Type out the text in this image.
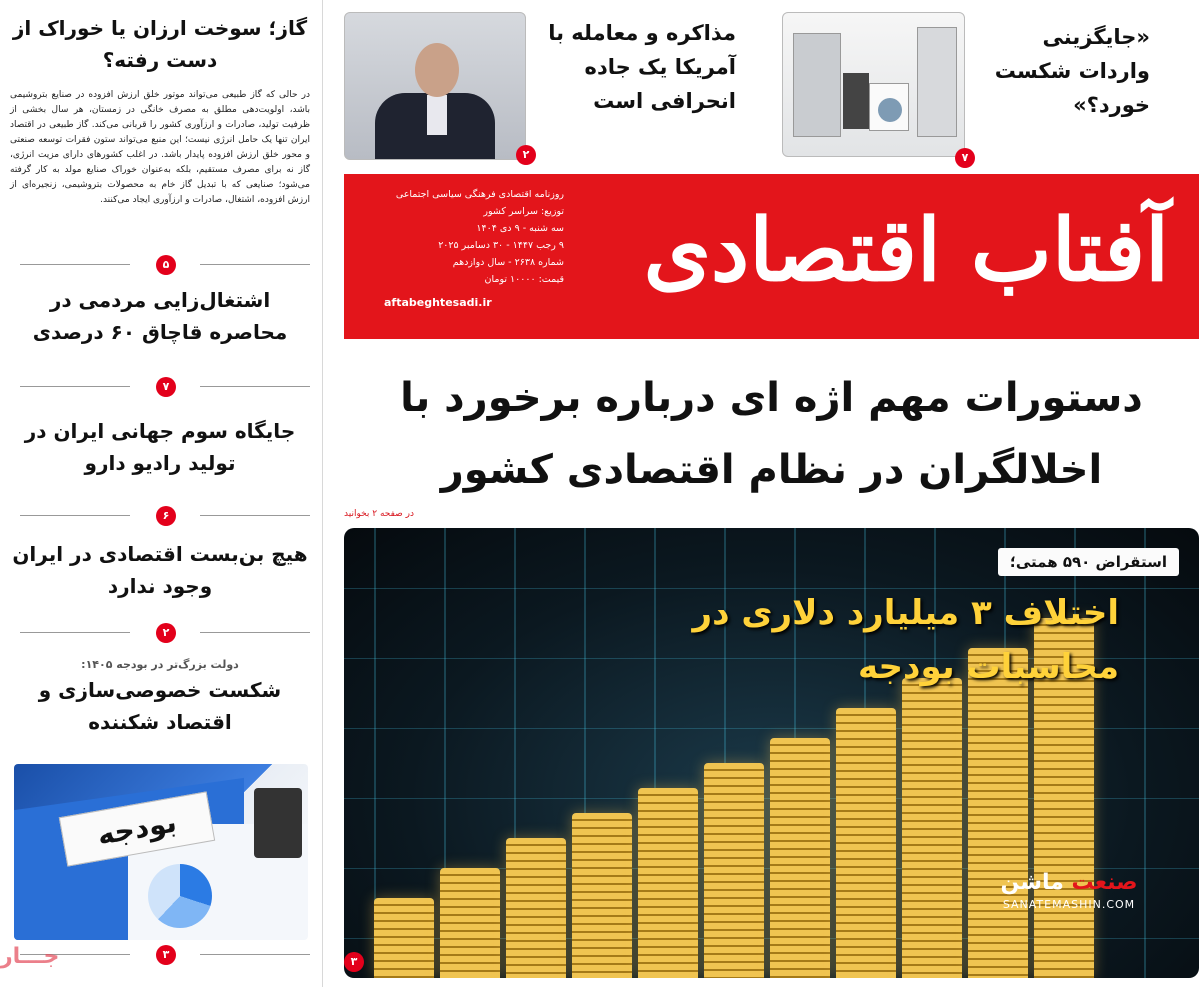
گاز؛ سوخت ارزان یا خوراک از دست رفته؟
در حالی که گاز طبیعی می‌تواند موتور خلق ارزش افزوده در صنایع بتروشیمی باشد، اولویت‌دهی مطلق به مصرف خانگی در زمستان، هر سال بخشی از ظرفیت تولید، صادرات و ارزآوری کشور را قربانی می‌کند. گاز طبیعی در اقتصاد ایران تنها یک حامل انرژی نیست؛ این منبع می‌تواند ستون فقرات توسعه صنعتی و محور خلق ارزش افزوده پایدار باشد. در اغلب کشورهای دارای مزیت انرژی، گاز نه برای مصرف مستقیم، بلکه به‌عنوان خوراک صنایع مولد به کار گرفته می‌شود؛ صنایعی که با تبدیل گاز خام به محصولات بتروشیمی، زنجیره‌ای از ارزش افزوده، اشتغال، صادرات و ارزآوری ایجاد می‌کنند.
۵
اشتغال‌زایی مردمی در محاصره قاچاق ۶۰ درصدی
۷
جایگاه سوم جهانی ایران در تولید رادیو دارو
۶
هیچ بن‌بست اقتصادی در ایران وجود ندارد
۲
دولت بزرگ‌تر در بودجه ۱۴۰۵:
شکست خصوصی‌سازی و اقتصاد شکننده
بودجه
۳
جـــار
۲
مذاکره و معامله با آمریکا یک جاده انحرافی است
۷
«جایگزینی واردات شکست خورد؟»
آفتاب اقتصادی
روزنامه اقتصادی فرهنگی سیاسی اجتماعی
توزیع: سراسر کشور
سه شنبه - ۹ دی ۱۴۰۴
۹ رجب ۱۴۴۷ - ۳۰ دسامبر ۲۰۲۵
شماره ۲۶۳۸ - سال دوازدهم
قیمت: ۱۰۰۰۰ تومان
aftabeghtesadi.ir
دستورات مهم اژه ای درباره برخورد با اخلالگران در نظام اقتصادی کشور
در صفحه ۲ بخوانید
استقراض ۵۹۰ همتی؛
اختلاف ۳ میلیارد دلاری در محاسبات بودجه
صنعت ماشن
SANATEMASHIN.COM
۳
